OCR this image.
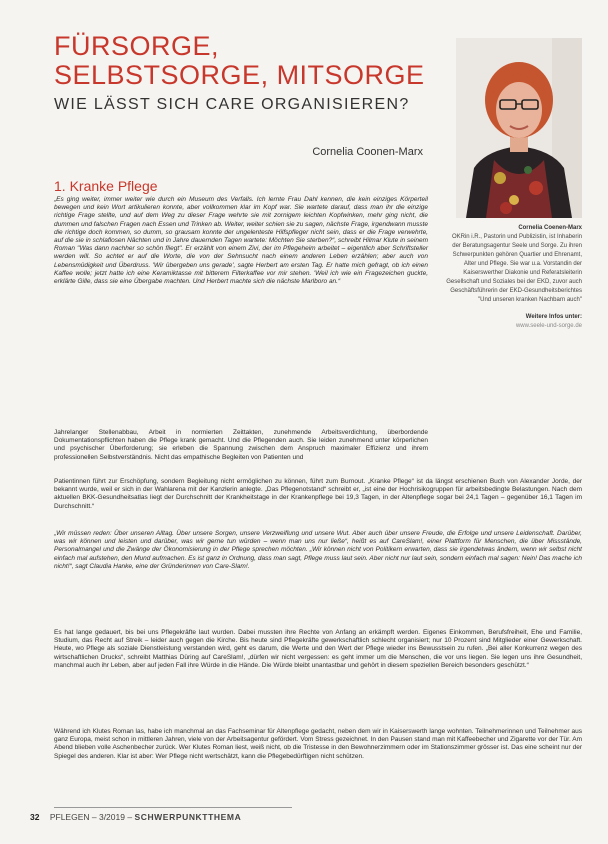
FÜRSORGE, SELBSTSORGE, MITSORGE
WIE LÄSST SICH CARE ORGANISIEREN?
Cornelia Coonen-Marx
Cornelia Coenen-Marx
OKRin i.R., Pastorin und Publizistin, ist Inhaberin der Beratungsagentur Seele und Sorge. Zu ihren Schwerpunkten gehören Quartier und Ehrenamt, Alter und Pflege. Sie war u.a. Vorstandin der Kaiserswerther Diakonie und Referatsleiterin Gesellschaft und Soziales bei der EKD, zuvor auch Geschäftsführerin der EKD-Gesundheitsberichtes "Und unseren kranken Nachbarn auch"
Weitere Infos unter:
www.seele-und-sorge.de
1. Kranke Pflege

„Es ging weiter, immer weiter wie durch ein Museum des Verfalls. Ich lernte Frau Dahl kennen, die kein einziges Körperteil bewegen und kein Wort artikulieren konnte, aber vollkommen klar im Kopf war. Sie wartete darauf, dass man ihr die einzige richtige Frage stellte, und auf dem Weg zu dieser Frage wehrte sie mit zornigem leichten Kopfwinken, mehr ging nicht, die dummen und falschen Fragen nach Essen und Trinken ab. Weiter, weiter schien sie zu sagen, nächste Frage, irgendwann musste die richtige doch kommen, so dumm, so grausam konnte der ungelenteste Hilfspfleger nicht sein, dass er die Frage verwehrte, auf die sie in schlaflosen Nächten und in Jahre dauernden Tagen wartete: Möchten Sie sterben?“, schreibt Hilmar Klute in seinem Roman "Was dann nachher so schön fliegt". Er erzählt von einem Zivi, der im Pflegeheim arbeitet – eigentlich aber Schriftsteller werden will. So achtet er auf die Worte, die von der Sehnsucht nach einem anderen Leben erzählen; aber auch von Lebensmüdigkeit und Überdruss. 'Wir übergeben uns gerade', sagte Herbert am ersten Tag. Er hatte mich gefragt, ob ich einen Kaffee wolle; jetzt hatte ich eine Keramiktasse mit bitterem Filterkaffee vor mir stehen. 'Weil ich wie ein Fragezeichen guckte, erklärte Gille, dass sie eine Übergabe machten. Und Herbert machte sich die nächste Marlboro an.“

Jahrelanger Stellenabbau, Arbeit in normierten Zeittakten, zunehmende Arbeitsverdichtung, überbordende Dokumentationspflichten haben die Pflege krank gemacht. Und die Pflegenden auch. Sie leiden zunehmend unter körperlichen und psychischer Überforderung; sie erleben die Spannung zwischen dem Anspruch maximaler Effizienz und ihrem professionellen Selbstverständnis. Nicht das empathische Begleiten von Patienten und

Patientinnen führt zur Erschöpfung, sondern Begleitung nicht ermöglichen zu können, führt zum Burnout. „Kranke Pflege“ ist da längst erschienen Buch von Alexander Jorde, der bekannt wurde, weil er sich in der Wahlarena mit der Kanzlerin anlegte. „Das Pflegenotstand“ schreibt er, „ist eine der Hochrisikogruppen für arbeitsbedingte Belastungen. Nach dem aktuellen BKK-Gesundheitsatlas liegt der Durchschnitt der Krankheitstage in der Krankenpflege bei 19,3 Tagen, in der Altenpflege sogar bei 24,1 Tagen – gegenüber 16,1 Tagen im Durchschnitt.“

„Wir müssen reden: Über unseren Alltag. Über unsere Sorgen, unsere Verzweiflung und unsere Wut. Aber auch über unsere Freude, die Erfolge und unsere Leidenschaft. Darüber, was wir können und leisten und darüber, was wir gerne tun würden – wenn man uns nur ließe“, heißt es auf CareSlam!, einer Plattform für Menschen, die über Missstände, Personalmangel und die Zwänge der Ökonomisierung in der Pflege sprechen möchten. „Wir können nicht von Politikern erwarten, dass sie irgendetwas ändern, wenn wir selbst nicht einfach mal aufstehen, den Mund aufmachen. Es ist ganz in Ordnung, dass man sagt, Pflege muss laut sein. Aber nicht nur laut sein, sondern einfach mal sagen: Nein! Das mache ich nicht!“, sagt Claudia Hanke, eine der Gründerinnen von Care-Slam!.

Es hat lange gedauert, bis bei uns Pflegekräfte laut wurden. Dabei mussten ihre Rechte von Anfang an erkämpft werden. Eigenes Einkommen, Berufsfreiheit, Ehe und Familie, Studium, das Recht auf Streik – leider auch gegen die Kirche. Bis heute sind Pflegekräfte gewerkschaftlich schlecht organisiert; nur 10 Prozent sind Mitglieder einer Gewerkschaft. Heute, wo Pflege als soziale Dienstleistung verstanden wird, geht es darum, die Werte und den Wert der Pflege wieder ins Bewusstsein zu rufen. „Bei aller Konkurrenz wegen des wirtschaftlichen Drucks“, schreibt Matthias Düring auf CareSlam!, „dürfen wir nicht vergessen: es geht immer um die Menschen, die vor uns liegen. Sie legen uns ihre Gesundheit, manchmal auch ihr Leben, aber auf jeden Fall ihre Würde in die Hände. Die Würde bleibt unantastbar und gehört in diesem speziellen Bereich besonders geschützt.“

Während ich Klutes Roman las, habe ich manchmal an das Fachseminar für Altenpflege gedacht, neben dem wir in Kaiserswerth lange wohnten. Teilnehmerinnen und Teilnehmer aus ganz Europa, meist schon in mittleren Jahren, viele von der Arbeitsagentur gefördert. Vom Stress gezeichnet. In den Pausen stand man mit Kaffeebecher und Zigarette vor der Tür. Am Abend blieben volle Aschenbecher zurück. Wer Klutes Roman liest, weiß nicht, ob die Tristesse in den Bewohnerzimmern oder im Stationszimmer grösser ist. Das eine scheint nur der Spiegel des anderen. Klar ist aber: Wer Pflege nicht wertschätzt, kann die Pflegebedürftigen nicht schützen.

32 PFLEGEN – 3/2019 – SCHWERPUNKTTHEMA
